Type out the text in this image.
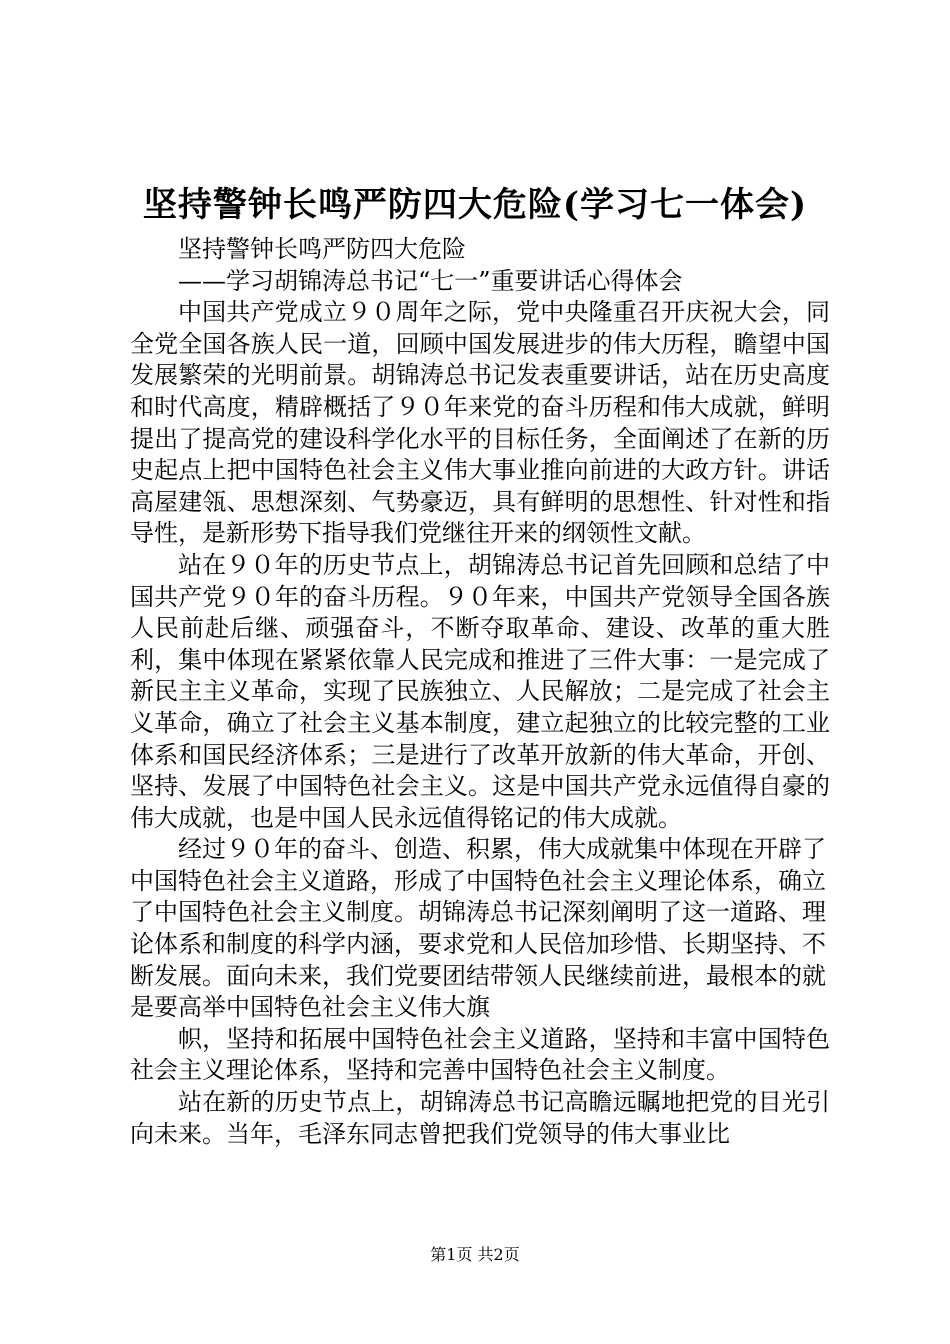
坚持警钟长鸣严防四大危险(学习七一体会)

坚持警钟长鸣严防四大危险

——学习胡锦涛总书记“七一”重要讲话心得体会

中国共产党成立９０周年之际，党中央隆重召开庆祝大会，同全党全国各族人民一道，回顾中国发展进步的伟大历程，瞻望中国发展繁荣的光明前景。胡锦涛总书记发表重要讲话，站在历史高度和时代高度，精辟概括了９０年来党的奋斗历程和伟大成就，鲜明提出了提高党的建设科学化水平的目标任务，全面阐述了在新的历史起点上把中国特色社会主义伟大事业推向前进的大政方针。讲话高屋建瓴、思想深刻、气势豪迈，具有鲜明的思想性、针对性和指导性，是新形势下指导我们党继往开来的纲领性文献。

站在９０年的历史节点上，胡锦涛总书记首先回顾和总结了中国共产党９０年的奋斗历程。９０年来，中国共产党领导全国各族人民前赴后继、顽强奋斗，不断夺取革命、建设、改革的重大胜利，集中体现在紧紧依靠人民完成和推进了三件大事：一是完成了新民主主义革命，实现了民族独立、人民解放；二是完成了社会主义革命，确立了社会主义基本制度，建立起独立的比较完整的工业体系和国民经济体系；三是进行了改革开放新的伟大革命，开创、坚持、发展了中国特色社会主义。这是中国共产党永远值得自豪的伟大成就，也是中国人民永远值得铭记的伟大成就。

经过９０年的奋斗、创造、积累，伟大成就集中体现在开辟了中国特色社会主义道路，形成了中国特色社会主义理论体系，确立了中国特色社会主义制度。胡锦涛总书记深刻阐明了这一道路、理论体系和制度的科学内涵，要求党和人民倍加珍惜、长期坚持、不断发展。面向未来，我们党要团结带领人民继续前进，最根本的就是要高举中国特色社会主义伟大旗

帜，坚持和拓展中国特色社会主义道路，坚持和丰富中国特色社会主义理论体系，坚持和完善中国特色社会主义制度。

站在新的历史节点上，胡锦涛总书记高瞻远瞩地把党的目光引向未来。当年，毛泽东同志曾把我们党领导的伟大事业比

第1页 共2页
